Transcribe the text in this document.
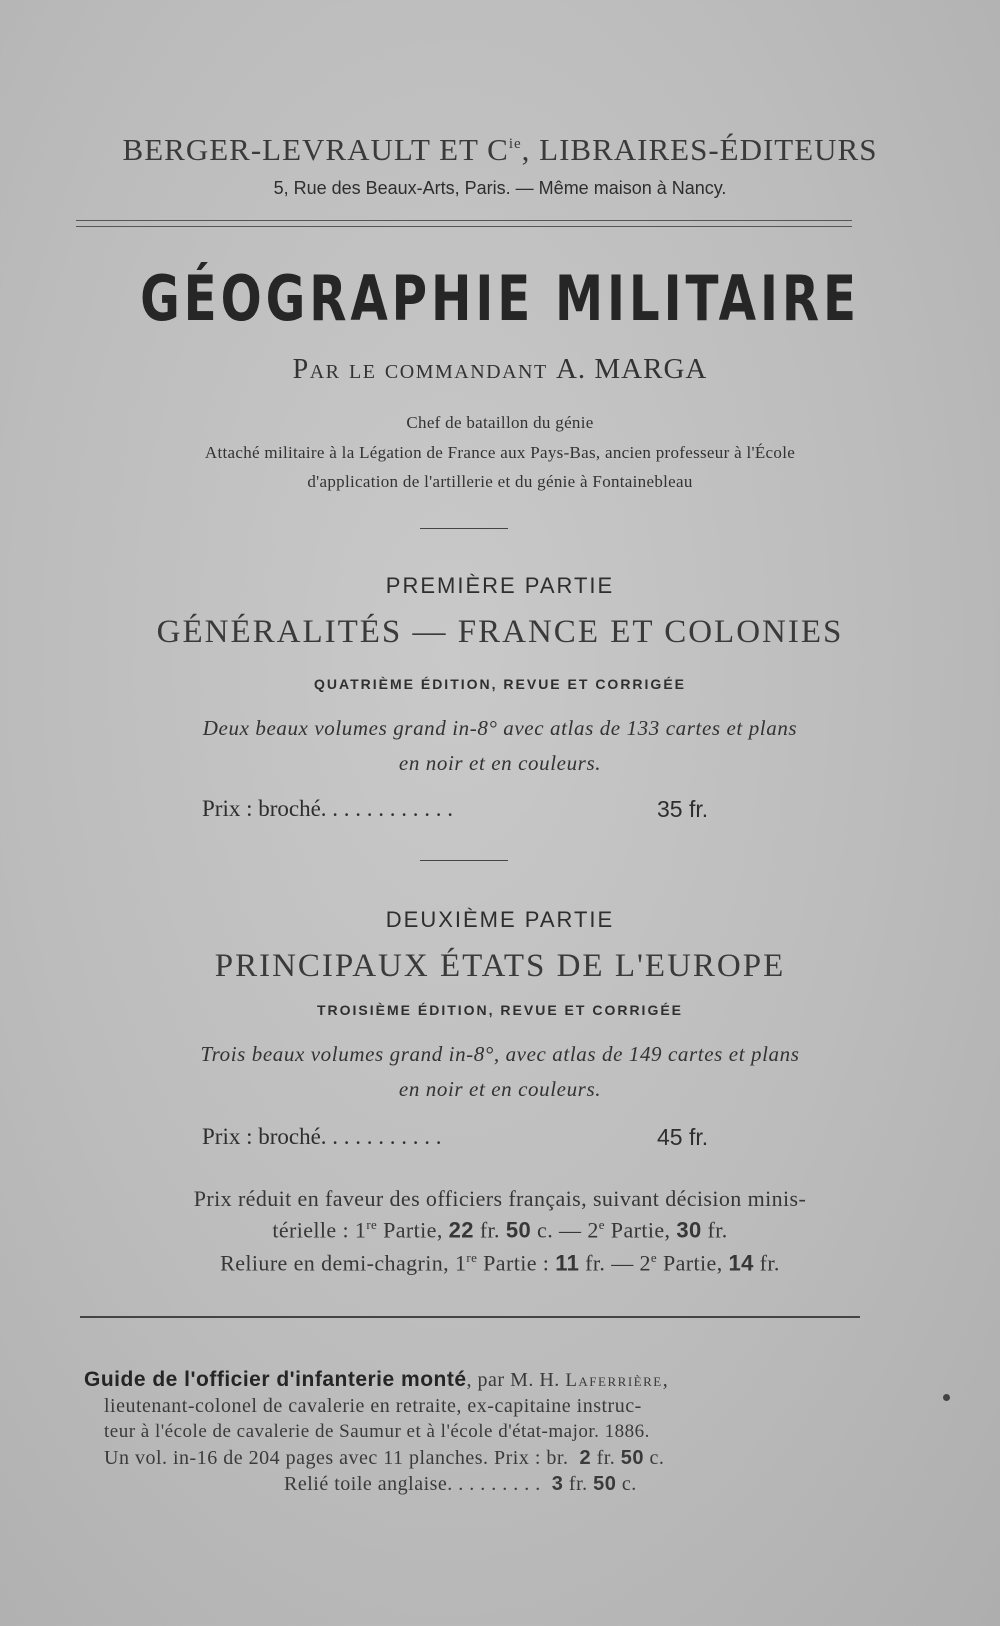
BERGER-LEVRAULT ET $C^{ie}$, LIBRAIRES-ÉDITEURS
5, Rue des Beaux-Arts, Paris. — Même maison à Nancy.
GÉOGRAPHIE MILITAIRE
Par le commandant A. MARGA
Chef de bataillon du génie
Attaché militaire à la Légation de France aux Pays-Bas, ancien professeur à l'École
d'application de l'artillerie et du génie à Fontainebleau
PREMIÈRE PARTIE
GÉNÉRALITÉS — FRANCE ET COLONIES
QUATRIÈME ÉDITION, REVUE ET CORRIGÉE
Deux beaux volumes grand in-8° avec atlas de 133 cartes et plans
en noir et en couleurs.
Prix : broché. . . . . . . . . . . .	35 fr.
DEUXIÈME PARTIE
PRINCIPAUX ÉTATS DE L'EUROPE
TROISIÈME ÉDITION, REVUE ET CORRIGÉE
Trois beaux volumes grand in-8°, avec atlas de 149 cartes et plans
en noir et en couleurs.
Prix : broché. . . . . . . . . . .	45 fr.
Prix réduit en faveur des officiers français, suivant décision minis-
térielle : 1re Partie, 22 fr. 50 c. — 2e Partie, 30 fr.
Reliure en demi-chagrin, 1re Partie : 11 fr. — 2e Partie, 14 fr.
Guide de l'officier d'infanterie monté, par M. H. Laferrière,
lieutenant-colonel de cavalerie en retraite, ex-capitaine instruc-
teur à l'école de cavalerie de Saumur et à l'école d'état-major. 1886.
Un vol. in-16 de 204 pages avec 11 planches. Prix : br.  2 fr. 50 c.
Relié toile anglaise. . . . . . . . .  3 fr. 50 c.
